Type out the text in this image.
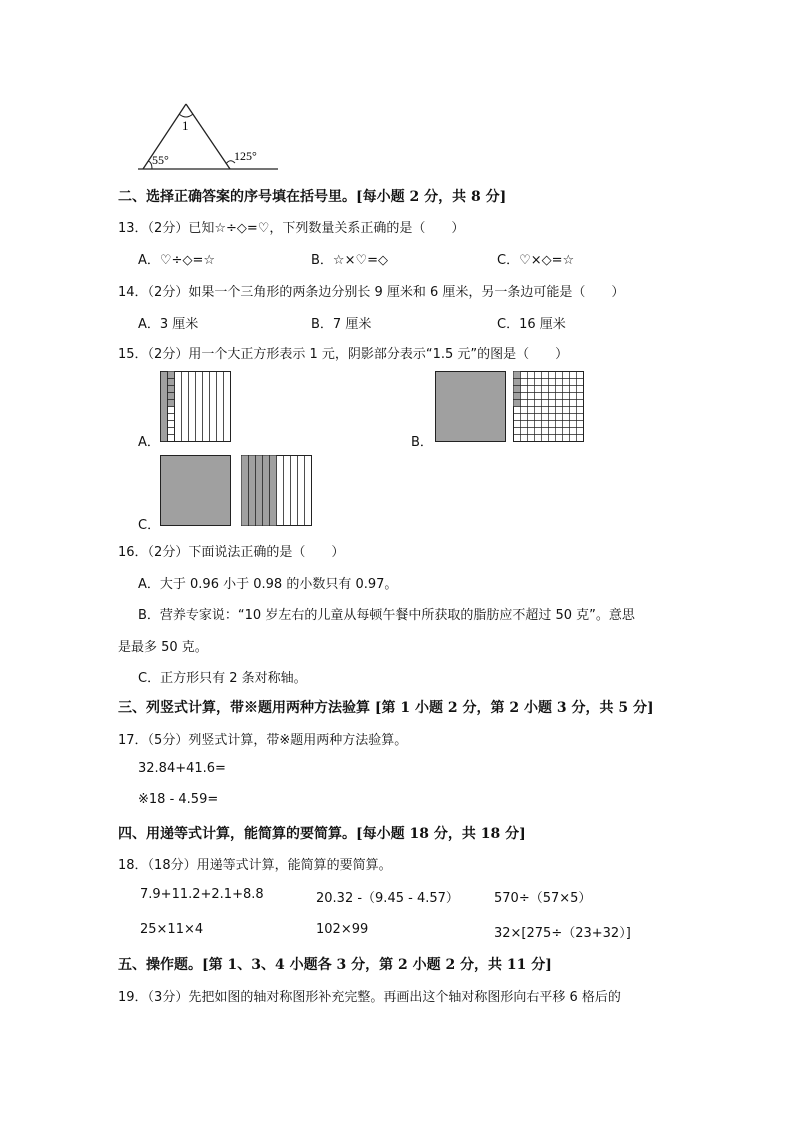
1
55°	125°
二、选择正确答案的序号填在括号里。[每小题 2 分，共 8 分]
13．（2分）已知☆÷◇=♡，下列数量关系正确的是（　　）
A．♡÷◇=☆	B．☆×♡=◇	C．♡×◇=☆
14．（2分）如果一个三角形的两条边分别长 9 厘米和 6 厘米，另一条边可能是（　　）
A．3 厘米	B．7 厘米	C．16 厘米
15．（2分）用一个大正方形表示 1 元，阴影部分表示“1.5 元”的图是（　　）
A．	B．
C．
16．（2分）下面说法正确的是（　　）
A．大于 0.96 小于 0.98 的小数只有 0.97。
B．营养专家说：“10 岁左右的儿童从每顿午餐中所获取的脂肪应不超过 50 克”。意思
是最多 50 克。
C．正方形只有 2 条对称轴。
三、列竖式计算，带※题用两种方法验算 [第 1 小题 2 分，第 2 小题 3 分，共 5 分]
17．（5分）列竖式计算，带※题用两种方法验算。
32.84+41.6=
※18 - 4.59=
四、用递等式计算，能简算的要简算。[每小题 18 分，共 18 分]
18．（18分）用递等式计算，能简算的要简算。
7.9+11.2+2.1+8.8	20.32 -（9.45 - 4.57）	570÷（57×5）
25×11×4	102×99	32×[275÷（23+32）]
五、操作题。[第 1、3、4 小题各 3 分，第 2 小题 2 分，共 11 分]
19．（3分）先把如图的轴对称图形补充完整。再画出这个轴对称图形向右平移 6 格后的
